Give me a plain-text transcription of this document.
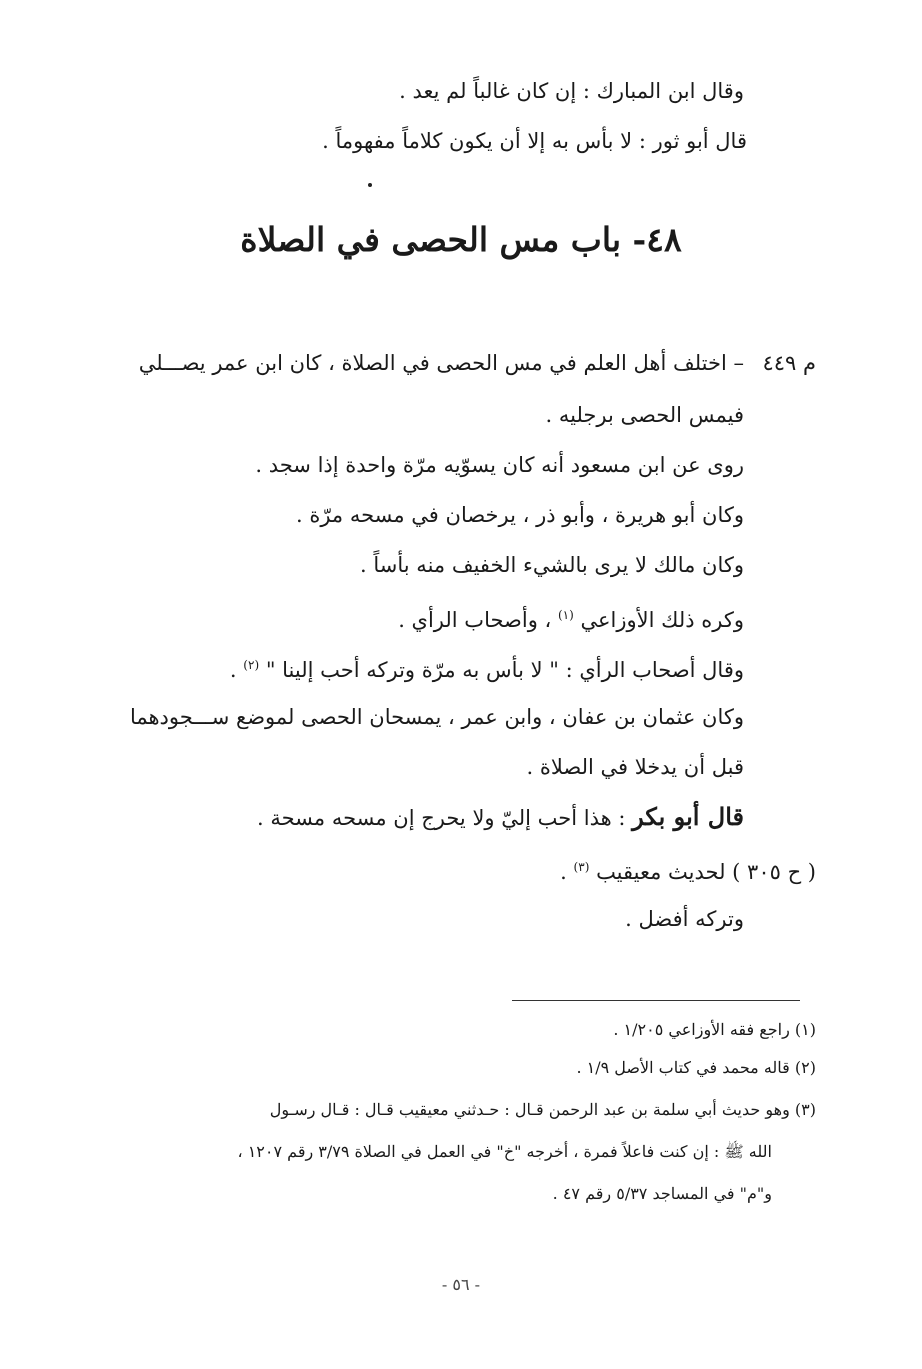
وقال ابن المبارك : إن كان غالباً لم يعد .
قال أبو ثور : لا بأس به إلا أن يكون كلاماً مفهوماً .
٤٨- باب مس الحصى في الصلاة
م ٤٤٩
– اختلف أهل العلم في مس الحصى في الصلاة ، كان ابن عمر يصـــلي
فيمس الحصى برجليه .
روى عن ابن مسعود أنه كان يسوّيه مرّة واحدة إذا سجد .
وكان أبو هريرة ، وأبو ذر ، يرخصان في مسحه مرّة .
وكان مالك لا يرى بالشيء الخفيف منه بأساً .
وكره ذلك الأوزاعي $^{(١)}$ ، وأصحاب الرأي .
وقال أصحاب الرأي : " لا بأس به مرّة وتركه أحب إلينا " $^{(٢)}$ .
وكان عثمان بن عفان ، وابن عمر ، يمسحان الحصى لموضع ســـجودهما
قبل أن يدخلا في الصلاة .
قال أبو بكر : هذا أحب إليّ ولا يحرج إن مسحه مسحة .
( ح ٣٠٥ ) لحديث معيقيب $^{(٣)}$ .
وتركه أفضل .
(١) راجع فقه الأوزاعي ١/٢٠٥ .
(٢) قاله محمد في كتاب الأصل ١/٩ .
(٣) وهو حديث أبي سلمة بن عبد الرحمن قـال : حـدثني معيقيب قـال : قـال رسـول
الله ﷺ : إن كنت فاعلاً فمرة ، أخرجه "خ" في العمل في الصلاة ٣/٧٩ رقم ١٢٠٧ ،
و"م" في المساجد ٥/٣٧ رقم ٤٧ .
- ٥٦ -
